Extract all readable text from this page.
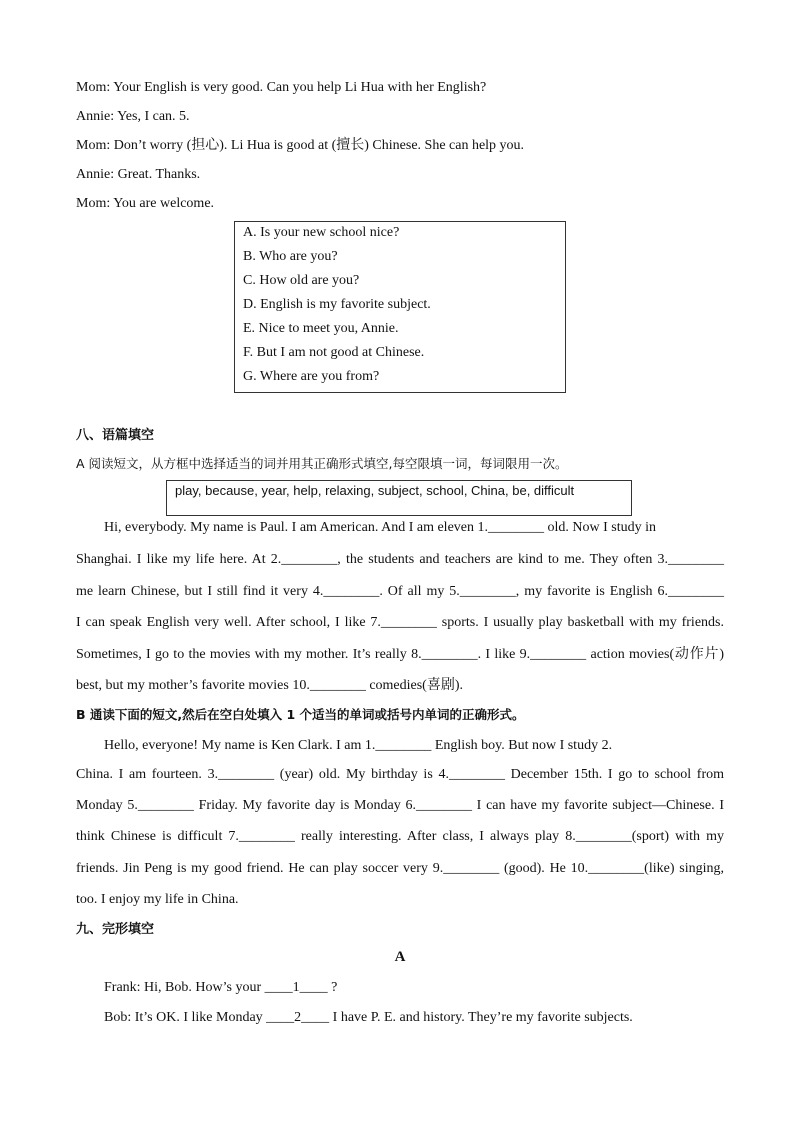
Mom: Your English is very good. Can you help Li Hua with her English?
Annie: Yes, I can. 5.
Mom: Don’t worry (担心). Li Hua is good at (擅长) Chinese. She can help you.
Annie: Great. Thanks.
Mom: You are welcome.
A. Is your new school nice?
B. Who are you?
C. How old are you?
D. English is my favorite subject.
E. Nice to meet you, Annie.
F. But I am not good at Chinese.
G. Where are you from?
八、语篇填空
A 阅读短文，从方框中选择适当的词并用其正确形式填空,每空限填一词，每词限用一次。
play, because, year, help, relaxing, subject, school, China, be, difficult
Hi, everybody. My name is Paul. I am American. And I am eleven 1.________ old. Now I study in
Shanghai. I like my life here. At 2.________, the students and teachers are kind to me. They often 3.________
me learn Chinese, but I still find it very 4.________. Of all my 5.________, my favorite is English 6.________
I can speak English very well. After school, I like 7.________ sports. I usually play basketball with my friends.
Sometimes, I go to the movies with my mother. It’s really 8.________. I like 9.________ action movies(动作片)
best, but my mother’s favorite movies 10.________ comedies(喜剧).
B 通读下面的短文,然后在空白处填入 1 个适当的单词或括号内单词的正确形式。
Hello, everyone! My name is Ken Clark. I am 1.________ English boy. But now I study 2.
China. I am fourteen. 3.________ (year) old. My birthday is 4.________ December 15th. I go to school from
Monday 5.________ Friday. My favorite day is Monday 6.________ I can have my favorite subject—Chinese. I
think Chinese is difficult 7.________ really interesting. After class, I always play 8.________(sport) with my
friends. Jin Peng is my good friend. He can play soccer very 9.________ (good). He 10.________(like) singing,
too. I enjoy my life in China.
九、完形填空
A
Frank: Hi, Bob. How’s your ____1____ ?
Bob: It’s OK. I like Monday ____2____ I have P. E. and history. They’re my favorite subjects.
